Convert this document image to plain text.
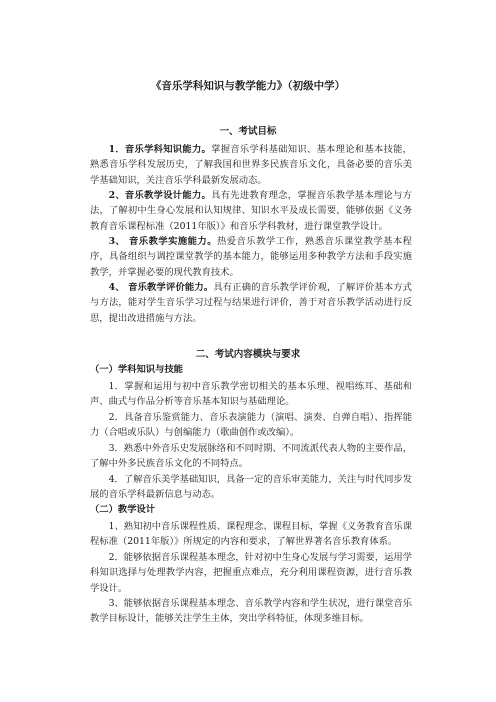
《音乐学科知识与教学能力》（初级中学）
一、考试目标

1．音乐学科知识能力。掌握音乐学科基础知识、基本理论和基本技能，熟悉音乐学科发展历史，了解我国和世界多民族音乐文化，具备必要的音乐美学基础知识，关注音乐学科最新发展动态。

2、音乐教学设计能力。具有先进教育理念，掌握音乐教学基本理论与方法，了解初中生身心发展和认知规律、知识水平及成长需要，能够依据《义务教育音乐课程标准（2011年版）》和音乐学科教材，进行课堂教学设计。

3、 音乐教学实施能力。热爱音乐教学工作，熟悉音乐课堂教学基本程序，具备组织与调控课堂教学的基本能力，能够运用多种教学方法和手段实施教学，并掌握必要的现代教育技术。

4、 音乐教学评价能力。具有正确的音乐教学评价观，了解评价基本方式与方法，能对学生音乐学习过程与结果进行评价，善于对音乐教学活动进行反思，提出改进措施与方法。

二、考试内容模块与要求
（一）学科知识与技能

1．掌握和运用与初中音乐教学密切相关的基本乐理、视唱练耳、基础和声、曲式与作品分析等音乐基本知识与基础理论。

2．具备音乐鉴赏能力、音乐表演能力（演唱、演奏、自弹自唱）、指挥能力（合唱或乐队）与创编能力（歌曲创作或改编）。

3．熟悉中外音乐史发展脉络和不同时期、不同流派代表人物的主要作品，了解中外多民族音乐文化的不同特点。

4．了解音乐美学基础知识，具备一定的音乐审美能力，关注与时代同步发展的音乐学科最新信息与动态。

（二）教学设计

1、熟知初中音乐课程性质、课程理念、课程目标，掌握《义务教育音乐课程标准（2011年版）》所规定的内容和要求，了解世界著名音乐教育体系。

2．能够依据音乐课程基本理念，针对初中生身心发展与学习需要，运用学科知识选择与处理教学内容，把握重点难点，充分利用课程资源，进行音乐教学设计。

3、能够依据音乐课程基本理念、音乐教学内容和学生状况，进行课堂音乐教学目标设计，能够关注学生主体，突出学科特征，体现多维目标。
